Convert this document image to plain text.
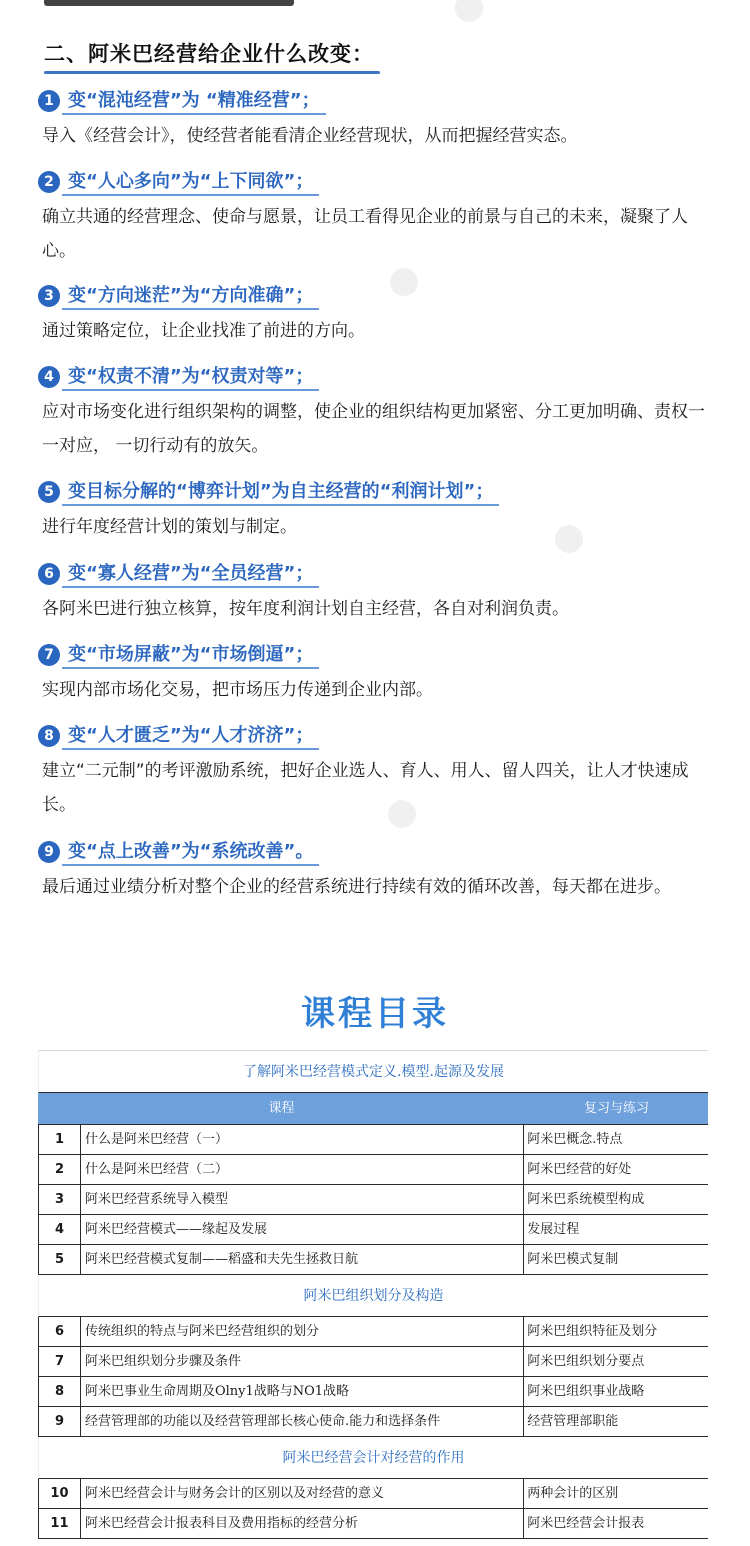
二、阿米巴经营给企业什么改变：
1 变“混沌经营”为 “精准经营”；
导入《经营会计》，使经营者能看清企业经营现状，从而把握经营实态。
2 变“人心多向”为“上下同欲”；
确立共通的经营理念、使命与愿景，让员工看得见企业的前景与自己的未来，凝聚了人心。
3 变“方向迷茫”为“方向准确”；
通过策略定位，让企业找准了前进的方向。
4 变“权责不清”为“权责对等”；
应对市场变化进行组织架构的调整，使企业的组织结构更加紧密、分工更加明确、责权一一对应， 一切行动有的放矢。
5 变目标分解的“博弈计划”为自主经营的“利润计划”；
进行年度经营计划的策划与制定。
6 变“寡人经营”为“全员经营”；
各阿米巴进行独立核算，按年度利润计划自主经营，各自对利润负责。
7 变“市场屏蔽”为“市场倒逼”；
实现内部市场化交易，把市场压力传递到企业内部。
8 变“人才匮乏”为“人才济济”；
建立“二元制”的考评激励系统，把好企业选人、育人、用人、留人四关，让人才快速成长。
9 变“点上改善”为“系统改善”。
最后通过业绩分析对整个企业的经营系统进行持续有效的循环改善，每天都在进步。
课程目录
了解阿米巴经营模式定义.模型.起源及发展
课程	复习与练习
1	什么是阿米巴经营（一）	阿米巴概念.特点
2	什么是阿米巴经营（二）	阿米巴经营的好处
3	阿米巴经营系统导入模型	阿米巴系统模型构成
4	阿米巴经营模式——缘起及发展	发展过程
5	阿米巴经营模式复制——稻盛和夫先生拯救日航	阿米巴模式复制
阿米巴组织划分及构造
6	传统组织的特点与阿米巴经营组织的划分	阿米巴组织特征及划分
7	阿米巴组织划分步骤及条件	阿米巴组织划分要点
8	阿米巴事业生命周期及Olny1战略与NO1战略	阿米巴组织事业战略
9	经营管理部的功能以及经营管理部长核心使命.能力和选择条件	经营管理部职能
阿米巴经营会计对经营的作用
10	阿米巴经营会计与财务会计的区别以及对经营的意义	两种会计的区别
11	阿米巴经营会计报表科目及费用指标的经营分析	阿米巴经营会计报表
